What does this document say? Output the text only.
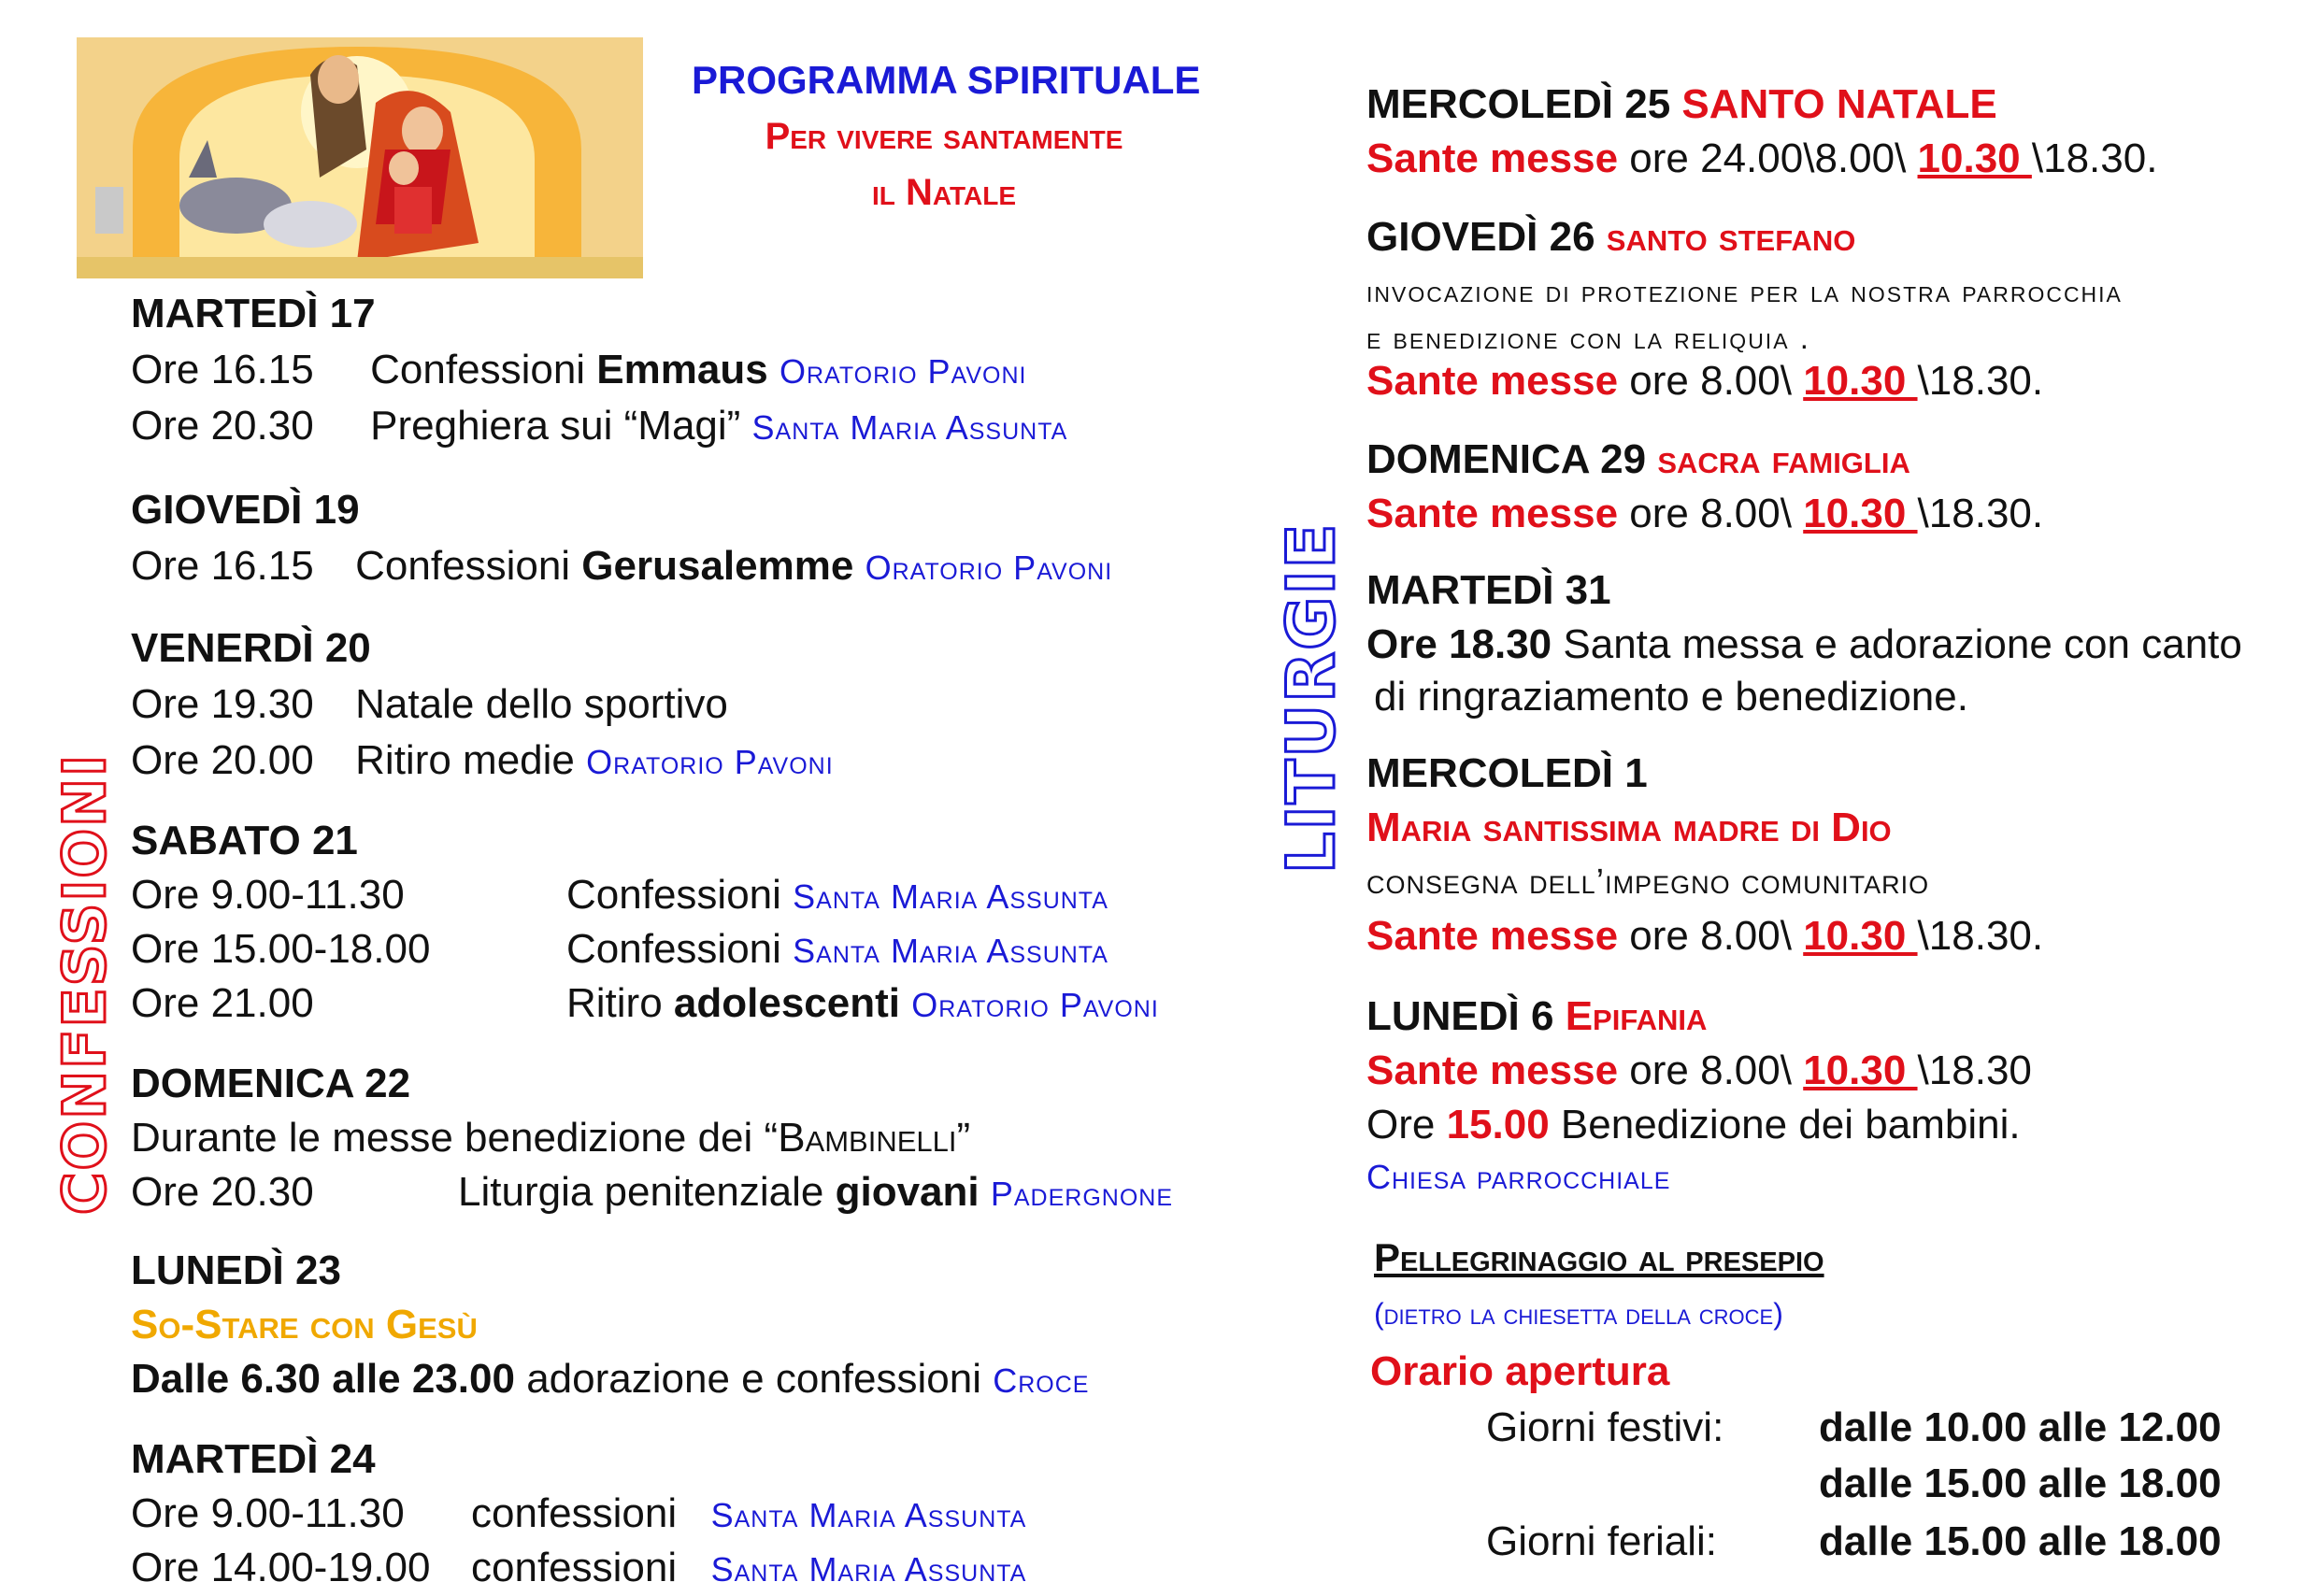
PROGRAMMA SPIRITUALE
Per vivere santamente
il Natale
CONFESSIONI
LITURGIE
MARTEDÌ 17
Ore 16.15 Confessioni Emmaus Oratorio Pavoni
Ore 20.30 Preghiera sui “Magi” Santa Maria Assunta
GIOVEDÌ 19
Ore 16.15 Confessioni Gerusalemme Oratorio Pavoni
VENERDÌ 20
Ore 19.30 Natale dello sportivo
Ore 20.00 Ritiro medie Oratorio Pavoni
SABATO 21
Ore 9.00-11.30	Confessioni Santa Maria Assunta
Ore 15.00-18.00	Confessioni Santa Maria Assunta
Ore 21.00	Ritiro adolescenti Oratorio Pavoni
DOMENICA 22
Durante le messe benedizione dei “Bambinelli”
Ore 20.30	Liturgia penitenziale giovani Padergnone
LUNEDÌ 23
So-Stare con Gesù
Dalle 6.30 alle 23.00 adorazione e confessioni Croce
MARTEDÌ 24
Ore 9.00-11.30 confessioni Santa Maria Assunta
Ore 14.00-19.00 confessioni Santa Maria Assunta
MERCOLEDÌ 25 SANTO NATALE
Sante messe ore 24.00\8.00\ 10.30 \18.30.
GIOVEDÌ 26 santo stefano
invocazione di protezione per la nostra parrocchia
e benedizione con la reliquia .
Sante messe ore 8.00\ 10.30 \18.30.
DOMENICA 29 sacra famiglia
Sante messe ore 8.00\ 10.30 \18.30.
MARTEDÌ 31
Ore 18.30 Santa messa e adorazione con canto
di ringraziamento e benedizione.
MERCOLEDÌ 1
Maria santissima madre di Dio
consegna dell’impegno comunitario
Sante messe ore 8.00\ 10.30 \18.30.
LUNEDÌ 6 Epifania
Sante messe ore 8.00\ 10.30 \18.30
Ore 15.00 Benedizione dei bambini.
Chiesa parrocchiale
Pellegrinaggio al presepio
(dietro la chiesetta della croce)
Orario apertura
Giorni festivi: dalle 10.00 alle 12.00
dalle 15.00 alle 18.00
Giorni feriali: dalle 15.00 alle 18.00
